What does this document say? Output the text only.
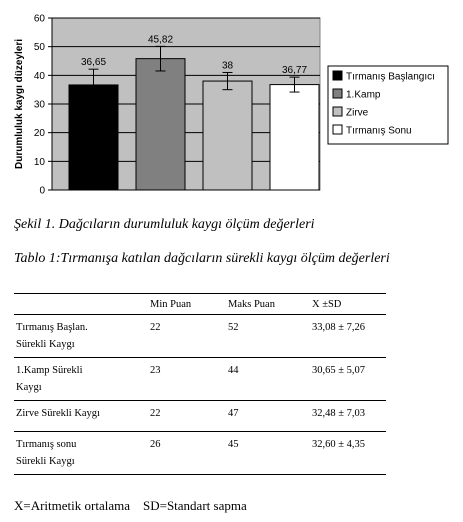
0
10
20
30
40
50
60
36,65
45,82
38	36,77
Durumluluk kaygı düzeyleri	Tırmanış Başlangıcı
1.Kamp
Zirve
Tırmanış Sonu

Şekil 1. Dağcıların durumluluk kaygı ölçüm değerleri

Tablo 1:Tırmanışa katılan dağcıların sürekli kaygı ölçüm değerleri

	Min Puan	Maks Puan	X ±SD
Tırmanış Başlan.
Sürekli Kaygı	22	52	33,08 ± 7,26
1.Kamp Sürekli
Kaygı	23	44	30,65 ± 5,07
Zirve Sürekli Kaygı	22	47	32,48 ± 7,03
Tırmanış sonu
Sürekli Kaygı	26	45	32,60 ± 4,35

X=Aritmetik ortalama    SD=Standart sapma
